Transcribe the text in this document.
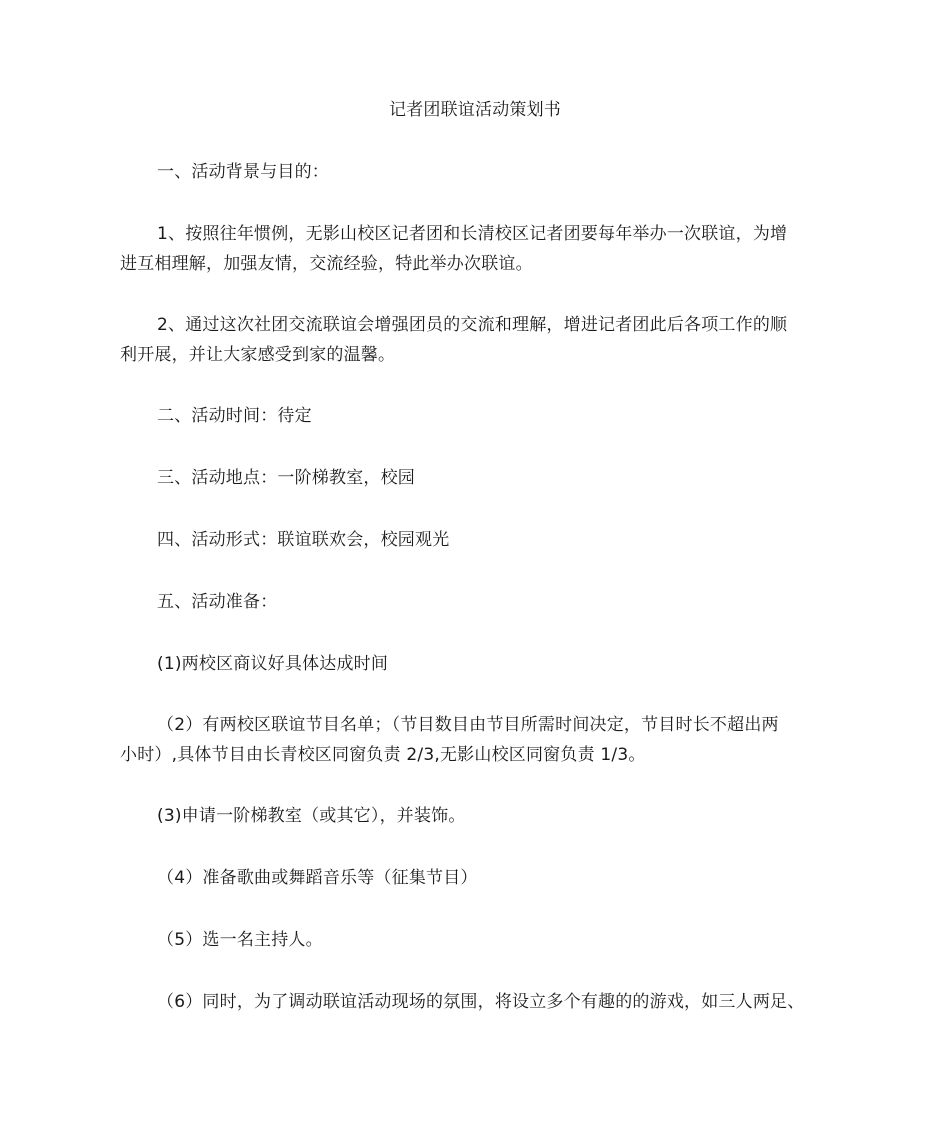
记者团联谊活动策划书
一、活动背景与目的：
1、按照往年惯例，无影山校区记者团和长清校区记者团要每年举办一次联谊，为增
进互相理解，加强友情，交流经验，特此举办次联谊。
2、通过这次社团交流联谊会增强团员的交流和理解，增进记者团此后各项工作的顺
利开展，并让大家感受到家的温馨。
二、活动时间：待定
三、活动地点：一阶梯教室，校园
四、活动形式：联谊联欢会，校园观光
五、活动准备：
(1)两校区商议好具体达成时间
（2）有两校区联谊节目名单；（节目数目由节目所需时间决定，节目时长不超出两
小时）,具体节目由长青校区同窗负责 2/3,无影山校区同窗负责 1/3。
(3)申请一阶梯教室（或其它），并装饰。
（4）准备歌曲或舞蹈音乐等（征集节目）
（5）选一名主持人。
（6）同时，为了调动联谊活动现场的氛围，将设立多个有趣的的游戏，如三人两足、
